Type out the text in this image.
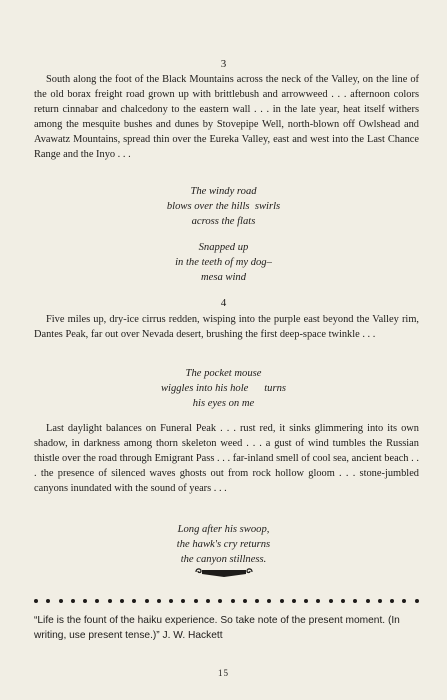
3

South along the foot of the Black Mountains across the neck of the Valley, on the line of the old borax freight road grown up with brittlebush and arrowweed . . . afternoon colors return cinnabar and chalcedony to the eastern wall . . . in the late year, heat itself withers among the mesquite bushes and dunes by Stovepipe Well, north-blown off Owlshead and Avawatz Mountains, spread thin over the Eureka Valley, east and west into the Last Chance Range and the Inyo . . .

The windy road
blows over the hills  swirls
across the flats
Snapped up
in the teeth of my dog–
mesa wind
4

Five miles up, dry-ice cirrus redden, wisping into the purple east beyond the Valley rim, Dantes Peak, far out over Nevada desert, brushing the first deep-space twinkle . . .

The pocket mouse
wiggles into his hole      turns
his eyes on me

Last daylight balances on Funeral Peak . . . rust red, it sinks glimmering into its own shadow, in darkness among thorn skeleton weed . . . a gust of wind tumbles the Russian thistle over the road through Emigrant Pass . . . far-inland smell of cool sea, ancient beach . . . the presence of silenced waves ghosts out from rock hollow gloom . . . stone-jumbled canyons inundated with the sound of years . . .

Long after his swoop,
the hawk's cry returns
the canyon stillness.

“Life is the fount of the haiku experience. So take note of the present moment. (In writing, use present tense.)” J. W. Hackett

15
